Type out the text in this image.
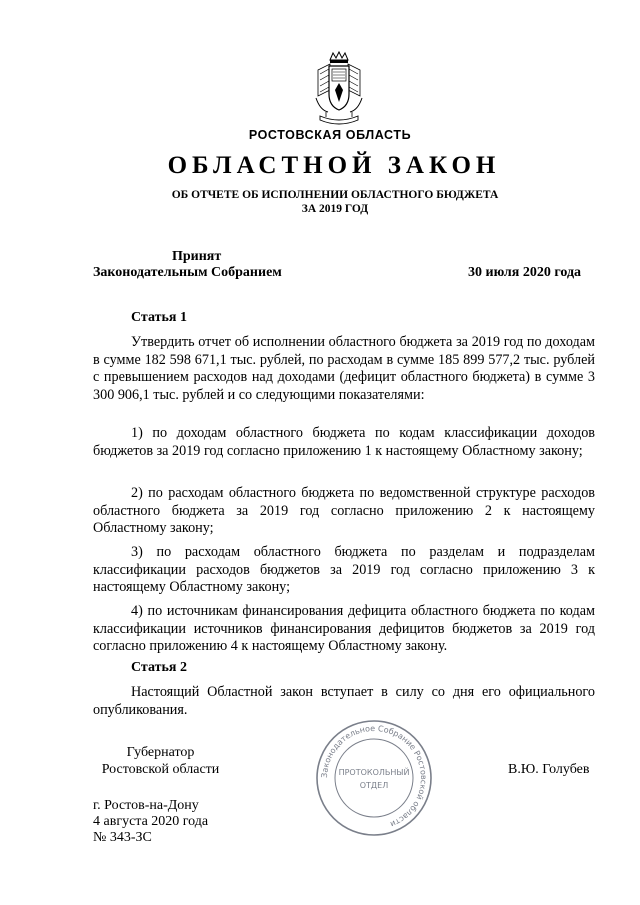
РОСТОВСКАЯ ОБЛАСТЬ
ОБЛАСТНОЙ ЗАКОН
ОБ ОТЧЕТЕ ОБ ИСПОЛНЕНИИ ОБЛАСТНОГО БЮДЖЕТА
ЗА 2019 ГОД
Принят
Законодательным Собранием	30 июля 2020 года
Статья 1

Утвердить отчет об исполнении областного бюджета за 2019 год по доходам в сумме 182 598 671,1 тыс. рублей, по расходам в сумме 185 899 577,2 тыс. рублей с превышением расходов над доходами (дефицит областного бюджета) в сумме 3 300 906,1 тыс. рублей и со следующими показателями:

1) по доходам областного бюджета по кодам классификации доходов бюджетов за 2019 год согласно приложению 1 к настоящему Областному закону;

2) по расходам областного бюджета по ведомственной структуре расходов областного бюджета за 2019 год согласно приложению 2 к настоящему Областному закону;

3) по расходам областного бюджета по разделам и подразделам классификации расходов бюджетов за 2019 год согласно приложению 3 к настоящему Областному закону;

4) по источникам финансирования дефицита областного бюджета по кодам классификации источников финансирования дефицитов бюджетов за 2019 год согласно приложению 4 к настоящему Областному закону.

Статья 2

Настоящий Областной закон вступает в силу со дня его официального опубликования.

Губернатор
Ростовской области	Законодательное Собрание Ростовской области
ПРОТОКОЛЬНЫЙ
ОТДЕЛ
В.Ю. Голубев
г. Ростов-на-Дону
4 августа 2020 года
№ 343-ЗС
